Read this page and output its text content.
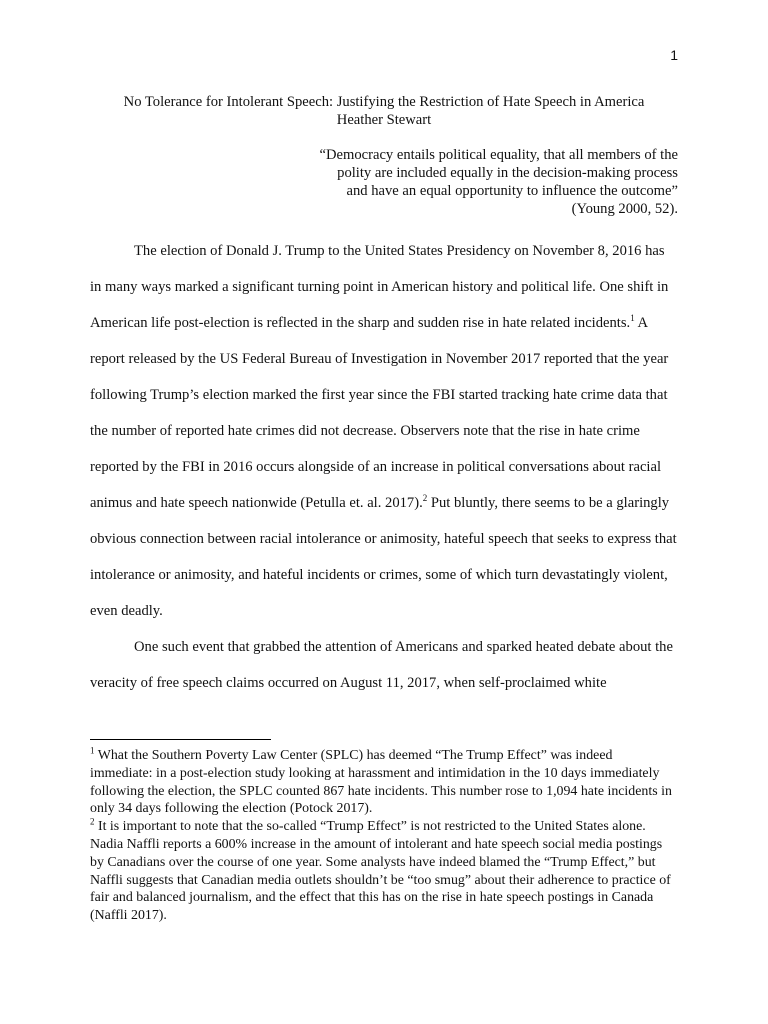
1
No Tolerance for Intolerant Speech: Justifying the Restriction of Hate Speech in America
Heather Stewart
“Democracy entails political equality, that all members of the polity are included equally in the decision-making process and have an equal opportunity to influence the outcome” (Young 2000, 52).

The election of Donald J. Trump to the United States Presidency on November 8, 2016 has in many ways marked a significant turning point in American history and political life. One shift in American life post-election is reflected in the sharp and sudden rise in hate related incidents.$^1$ A report released by the US Federal Bureau of Investigation in November 2017 reported that the year following Trump’s election marked the first year since the FBI started tracking hate crime data that the number of reported hate crimes did not decrease. Observers note that the rise in hate crime reported by the FBI in 2016 occurs alongside of an increase in political conversations about racial animus and hate speech nationwide (Petulla et. al. 2017).$^2$ Put bluntly, there seems to be a glaringly obvious connection between racial intolerance or animosity, hateful speech that seeks to express that intolerance or animosity, and hateful incidents or crimes, some of which turn devastatingly violent, even deadly.

One such event that grabbed the attention of Americans and sparked heated debate about the veracity of free speech claims occurred on August 11, 2017, when self-proclaimed white

$^1$ What the Southern Poverty Law Center (SPLC) has deemed “The Trump Effect” was indeed immediate: in a post-election study looking at harassment and intimidation in the 10 days immediately following the election, the SPLC counted 867 hate incidents. This number rose to 1,094 hate incidents in only 34 days following the election (Potock 2017).

$^2$ It is important to note that the so-called “Trump Effect” is not restricted to the United States alone. Nadia Naffli reports a 600% increase in the amount of intolerant and hate speech social media postings by Canadians over the course of one year. Some analysts have indeed blamed the “Trump Effect,” but Naffli suggests that Canadian media outlets shouldn’t be “too smug” about their adherence to practice of fair and balanced journalism, and the effect that this has on the rise in hate speech postings in Canada (Naffli 2017).
